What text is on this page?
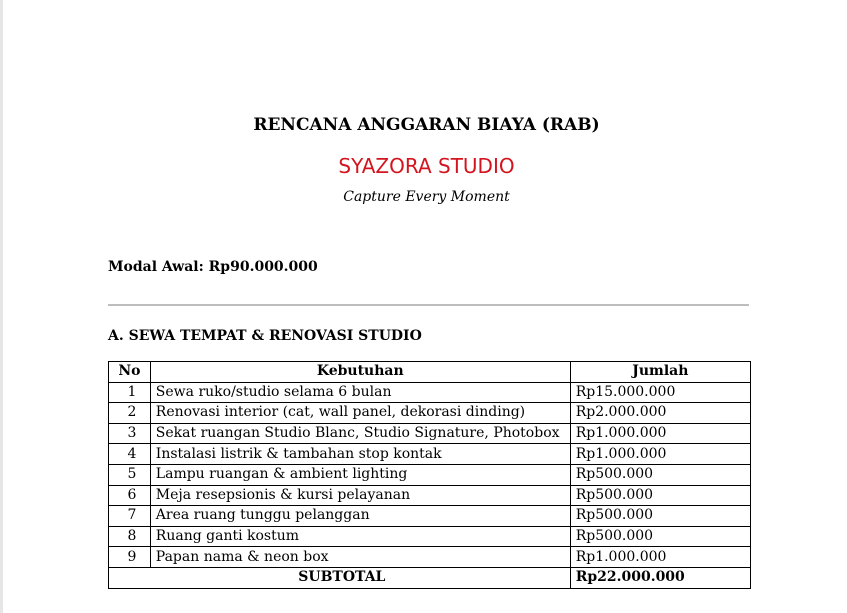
RENCANA ANGGARAN BIAYA (RAB)
SYAZORA STUDIO
Capture Every Moment
Modal Awal: Rp90.000.000
A. SEWA TEMPAT & RENOVASI STUDIO
No	Kebutuhan	Jumlah
1	Sewa ruko/studio selama 6 bulan	Rp15.000.000
2	Renovasi interior (cat, wall panel, dekorasi dinding)	Rp2.000.000
3	Sekat ruangan Studio Blanc, Studio Signature, Photobox	Rp1.000.000
4	Instalasi listrik & tambahan stop kontak	Rp1.000.000
5	Lampu ruangan & ambient lighting	Rp500.000
6	Meja resepsionis & kursi pelayanan	Rp500.000
7	Area ruang tunggu pelanggan	Rp500.000
8	Ruang ganti kostum	Rp500.000
9	Papan nama & neon box	Rp1.000.000
SUBTOTAL		Rp22.000.000
